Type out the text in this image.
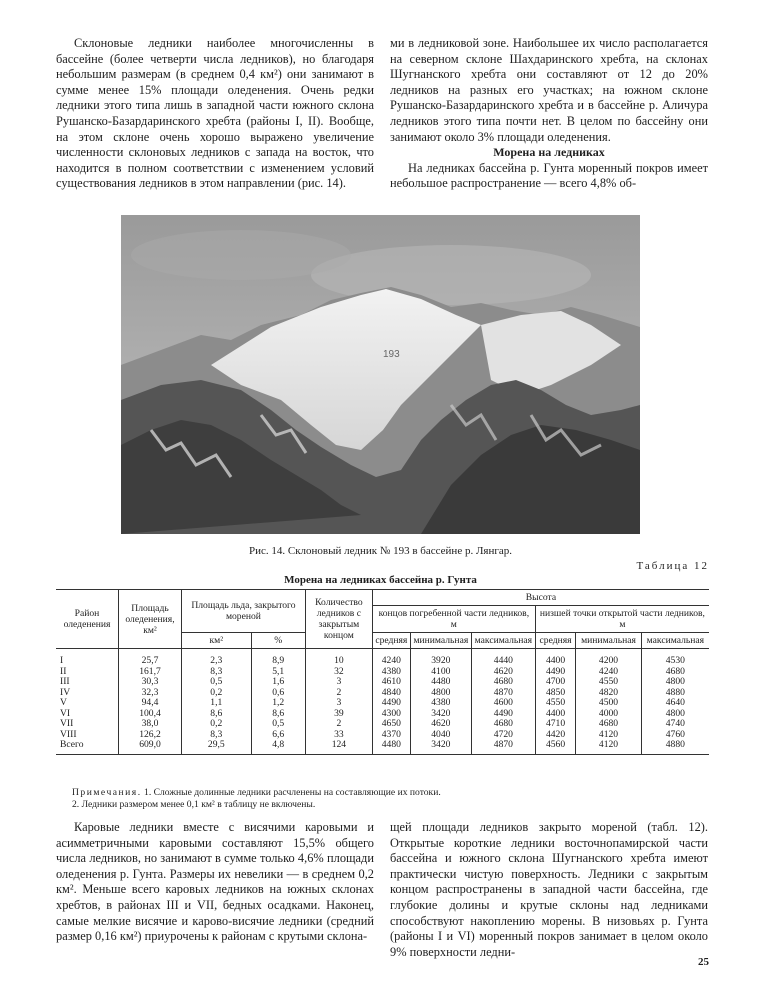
Склоновые ледники наиболее многочисленны в бассейне (более четверти числа ледников), но благодаря небольшим размерам (в среднем 0,4 км²) они занимают в сумме менее 15% площади оледенения. Очень редки ледники этого типа лишь в западной части южного склона Рушанско-Базардаринского хребта (районы I, II). Вообще, на этом склоне очень хорошо выражено увеличение численности склоновых ледников с запада на восток, что находится в полном соответствии с изменением условий существования ледников в этом направлении (рис. 14).

ми в ледниковой зоне. Наибольшее их число располагается на северном склоне Шахдаринского хребта, на склонах Шугнанского хребта они составляют от 12 до 20% ледников на разных его участках; на южном склоне Рушанско-Базардаринского хребта и в бассейне р. Аличура ледников этого типа почти нет. В целом по бассейну они занимают около 3% площади оледенения.

Морена на ледниках

На ледниках бассейна р. Гунта моренный покров имеет небольшое распространение — всего 4,8% об-

193
Рис. 14. Склоновый ледник № 193 в бассейне р. Лянгар.
Таблица 12
Морена на ледниках бассейна р. Гунта
Район оледенения	Площадь оледенения, км²	Площадь льда, закрытого мореной		Количество ледников с закрытым концом	Высота					
					концов погребенной части ледников, м			низшей точки открытой части ледников, м		
		км²	%		средняя	минимальная	максимальная	средняя	минимальная	максимальная

I	25,7	2,3	8,9	10	4240	3920	4440	4400	4200	4530
II	161,7	8,3	5,1	32	4380	4100	4620	4490	4240	4680
III	30,3	0,5	1,6	3	4610	4480	4680	4700	4550	4800
IV	32,3	0,2	0,6	2	4840	4800	4870	4850	4820	4880
V	94,4	1,1	1,2	3	4490	4380	4600	4550	4500	4640
VI	100,4	8,6	8,6	39	4300	3420	4490	4400	4000	4800
VII	38,0	0,2	0,5	2	4650	4620	4680	4710	4680	4740
VIII	126,2	8,3	6,6	33	4370	4040	4720	4420	4120	4760
Всего	609,0	29,5	4,8	124	4480	3420	4870	4560	4120	4880
Примечания. 1. Сложные долинные ледники расчленены на составляющие их потоки.
2. Ледники размером менее 0,1 км² в таблицу не включены.

Каровые ледники вместе с висячими каровыми и асимметричными каровыми составляют 15,5% общего числа ледников, но занимают в сумме только 4,6% площади оледенения р. Гунта. Размеры их невелики — в среднем 0,2 км². Меньше всего каровых ледников на южных склонах хребтов, в районах III и VII, бедных осадками. Наконец, самые мелкие висячие и карово-висячие ледники (средний размер 0,16 км²) приурочены к районам с крутыми склона-

щей площади ледников закрыто мореной (табл. 12). Открытые короткие ледники восточнопамирской части бассейна и южного склона Шугнанского хребта имеют практически чистую поверхность. Ледники с закрытым концом распространены в западной части бассейна, где глубокие долины и крутые склоны над ледниками способствуют накоплению морены. В низовьях р. Гунта (районы I и VI) моренный покров занимает в целом около 9% поверхности ледни-

25
